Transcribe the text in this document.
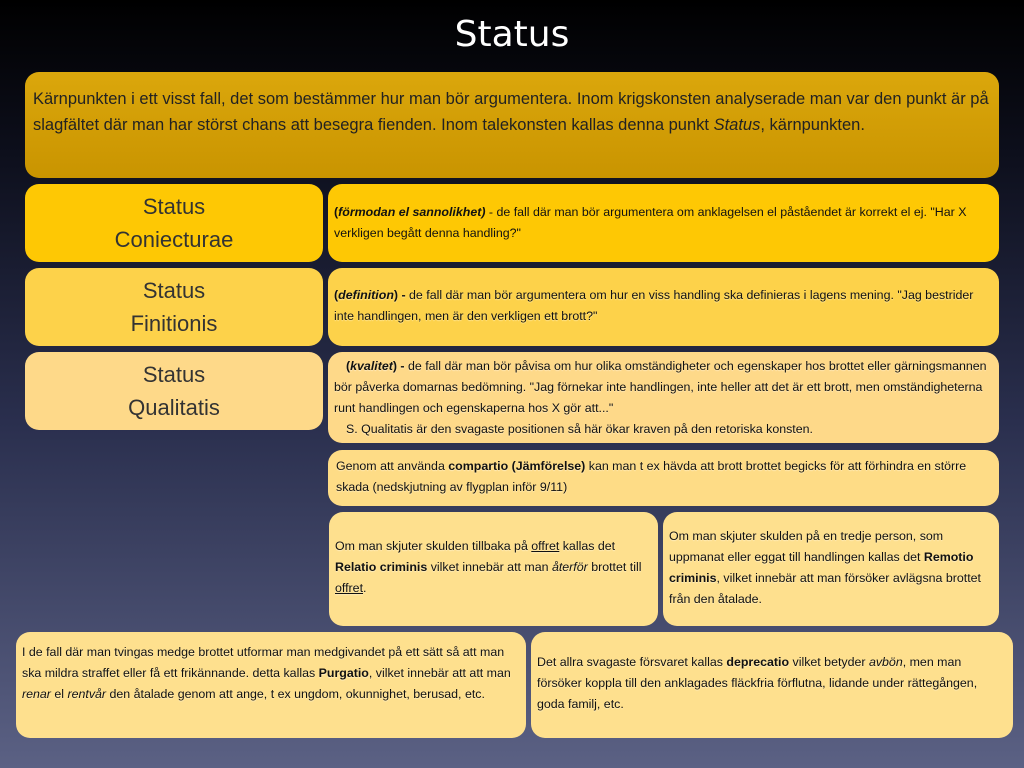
Status
Kärnpunkten i ett visst fall, det som bestämmer hur man bör argumentera. Inom krigskonsten analyserade man var den punkt är på slagfältet där man har störst chans att besegra fienden. Inom talekonsten kallas denna punkt Status, kärnpunkten.
Status
Coniecturae
(förmodan el sannolikhet) - de fall där man bör argumentera om anklagelsen el påståendet är korrekt el ej. "Har X verkligen begått denna handling?"
Status
Finitionis
(definition) - de fall där man bör argumentera om hur en viss handling ska definieras i lagens mening. "Jag bestrider inte handlingen, men är den verkligen ett brott?"
Status
Qualitatis
(kvalitet) - de fall där man bör påvisa om hur olika omständigheter och egenskaper hos brottet eller gärningsmannen bör påverka domarnas bedömning. "Jag förnekar inte handlingen, inte heller att det är ett brott, men omständigheterna runt handlingen och egenskaperna hos X gör att..."
S. Qualitatis är den svagaste positionen så här ökar kraven på den retoriska konsten.
Genom att använda compartio (Jämförelse) kan man t ex hävda att brott brottet begicks för att förhindra en större skada (nedskjutning av flygplan inför 9/11)
Om man skjuter skulden tillbaka på offret kallas det Relatio criminis vilket innebär att man återför brottet till offret.
Om man skjuter skulden på en tredje person, som uppmanat eller eggat till handlingen kallas det Remotio criminis, vilket innebär att man försöker avlägsna brottet från den åtalade.
I de fall där man tvingas medge brottet utformar man medgivandet på ett sätt så att man ska mildra straffet eller få ett frikännande. detta kallas Purgatio, vilket innebär att att man renar el rentvår den åtalade genom att ange, t ex ungdom, okunnighet, berusad, etc.
Det allra svagaste försvaret kallas deprecatio vilket betyder avbön, men man försöker koppla till den anklagades fläckfria förflutna, lidande under rättegången, goda familj, etc.
